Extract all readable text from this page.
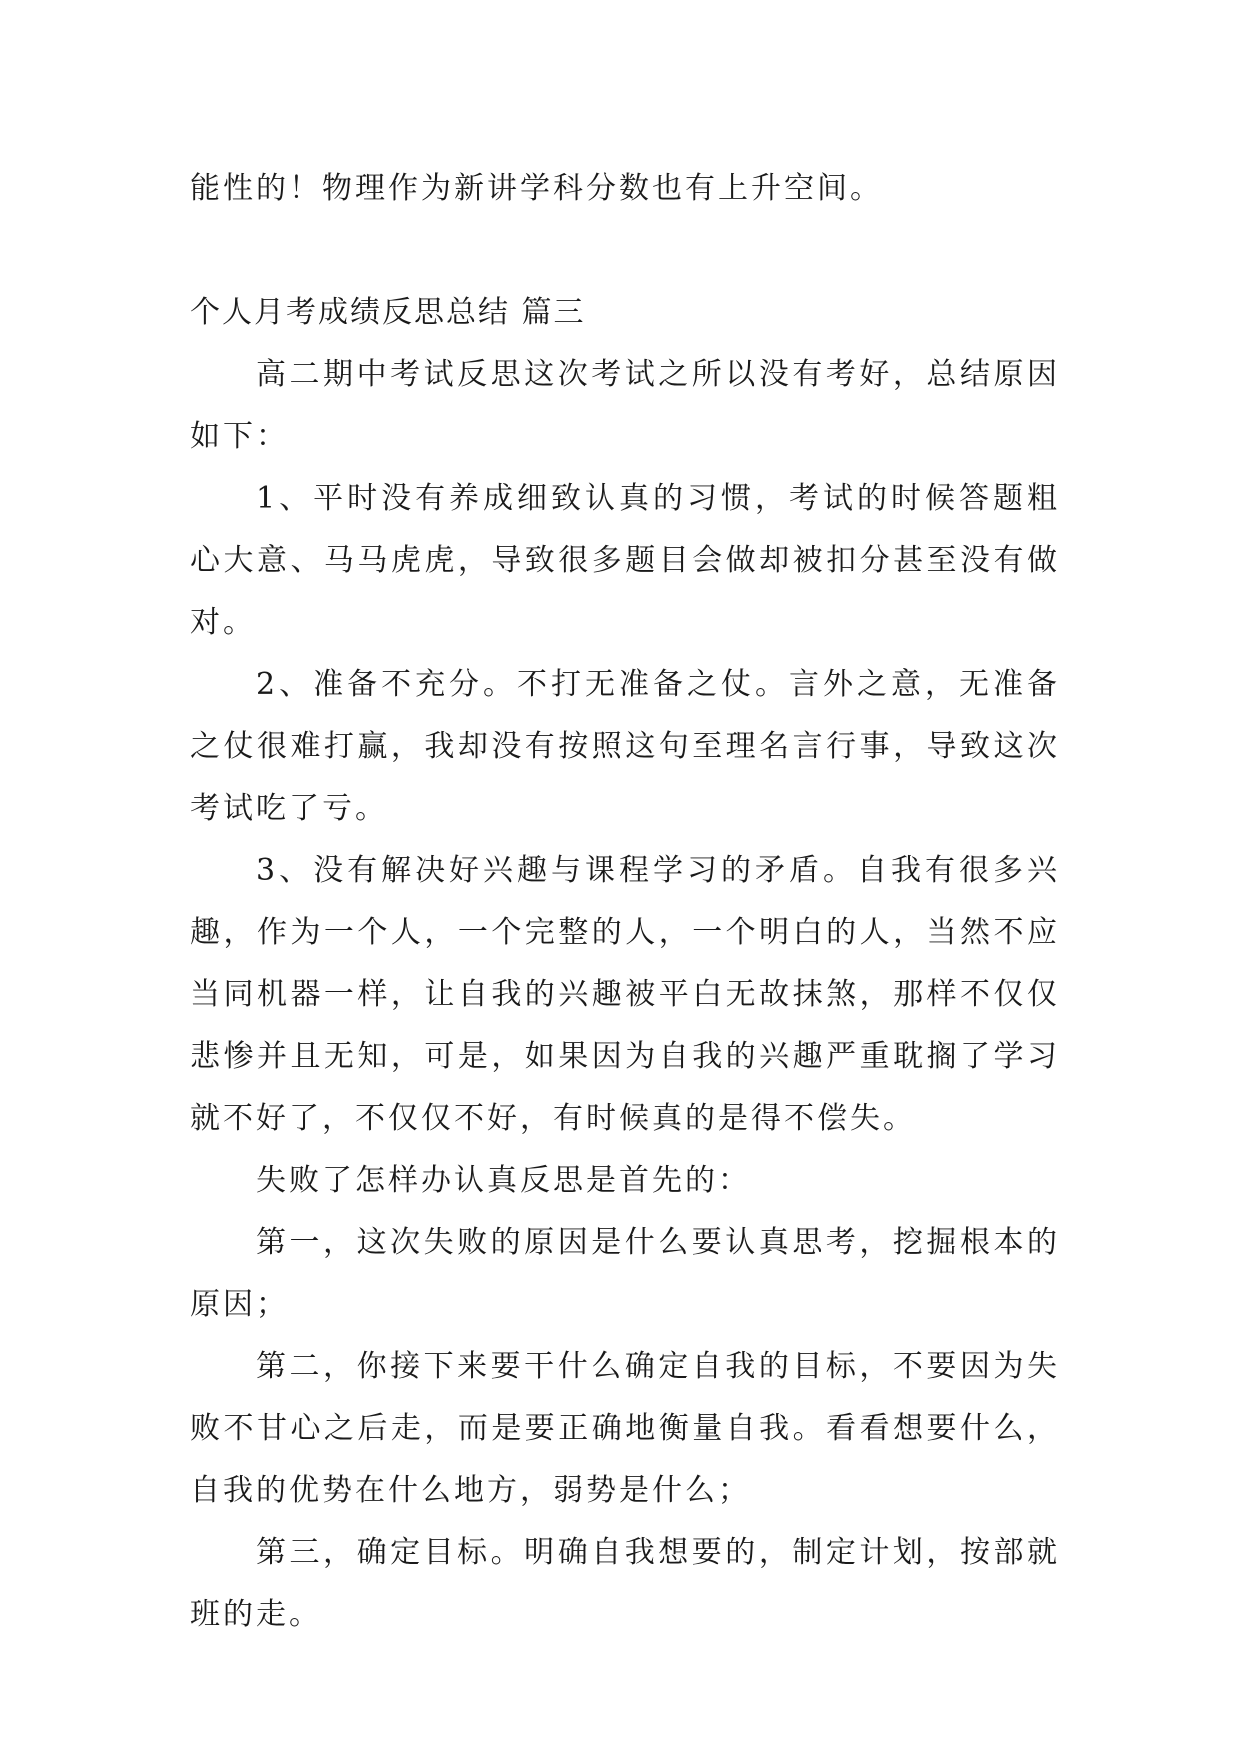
能性的！物理作为新讲学科分数也有上升空间。

个人月考成绩反思总结 篇三

高二期中考试反思这次考试之所以没有考好，总结原因如下：

1、平时没有养成细致认真的习惯，考试的时候答题粗心大意、马马虎虎，导致很多题目会做却被扣分甚至没有做对。

2、准备不充分。不打无准备之仗。言外之意，无准备之仗很难打赢，我却没有按照这句至理名言行事，导致这次考试吃了亏。

3、没有解决好兴趣与课程学习的矛盾。自我有很多兴趣，作为一个人，一个完整的人，一个明白的人，当然不应当同机器一样，让自我的兴趣被平白无故抹煞，那样不仅仅悲惨并且无知，可是，如果因为自我的兴趣严重耽搁了学习就不好了，不仅仅不好，有时候真的是得不偿失。

失败了怎样办认真反思是首先的：

第一，这次失败的原因是什么要认真思考，挖掘根本的原因；

第二，你接下来要干什么确定自我的目标，不要因为失败不甘心之后走，而是要正确地衡量自我。看看想要什么，自我的优势在什么地方，弱势是什么；

第三，确定目标。明确自我想要的，制定计划，按部就班的走。
